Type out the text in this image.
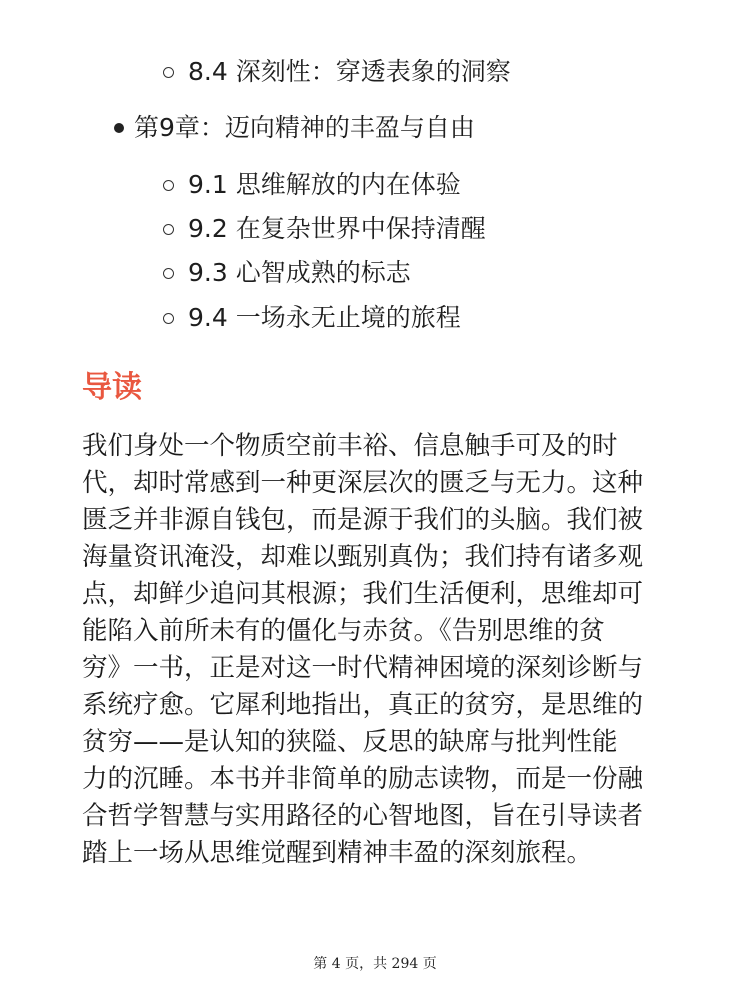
8.4 深刻性：穿透表象的洞察
第9章：迈向精神的丰盈与自由
9.1 思维解放的内在体验
9.2 在复杂世界中保持清醒
9.3 心智成熟的标志
9.4 一场永无止境的旅程
导读
我们身处一个物质空前丰裕、信息触手可及的时
代，却时常感到一种更深层次的匮乏与无力。这种
匮乏并非源自钱包，而是源于我们的头脑。我们被
海量资讯淹没，却难以甄别真伪；我们持有诸多观
点，却鲜少追问其根源；我们生活便利，思维却可
能陷入前所未有的僵化与赤贫。《告别思维的贫
穷》一书，正是对这一时代精神困境的深刻诊断与
系统疗愈。它犀利地指出，真正的贫穷，是思维的
贫穷——是认知的狭隘、反思的缺席与批判性能
力的沉睡。本书并非简单的励志读物，而是一份融
合哲学智慧与实用路径的心智地图，旨在引导读者
踏上一场从思维觉醒到精神丰盈的深刻旅程。
第 4 页，共 294 页
